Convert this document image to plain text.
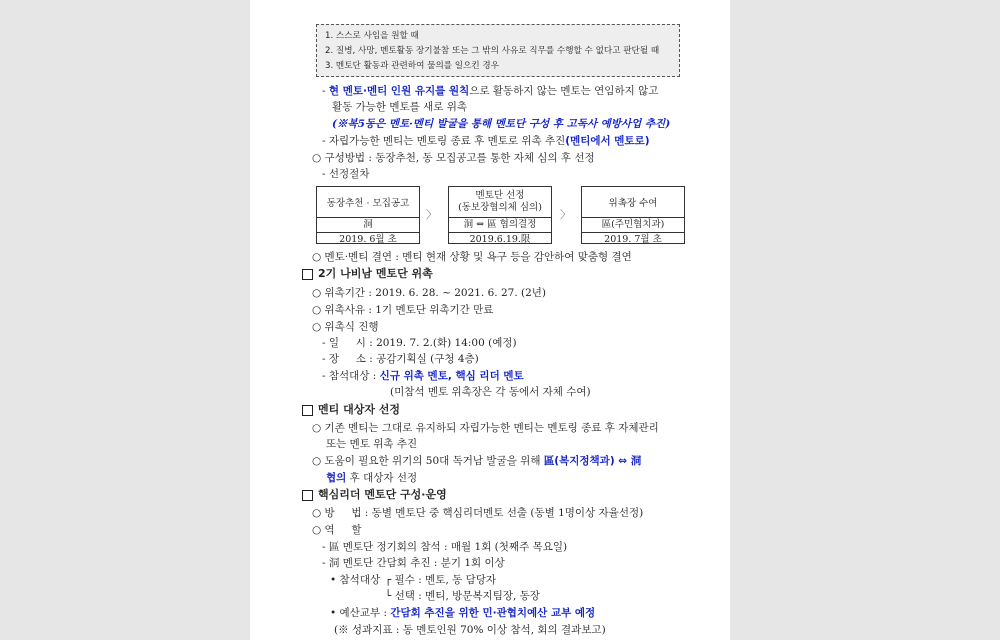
1. 스스로 사임을 원할 때
2. 질병, 사망, 멘토활동 장기불참 또는 그 밖의 사유로 직무를 수행할 수 없다고 판단될 때
3. 멘토단 활동과 관련하여 물의를 일으킨 경우
- 현 멘토·멘티 인원 유지를 원칙으로 활동하지 않는 멘토는 연임하지 않고
활동 가능한 멘토를 새로 위촉
(※복5동은 멘토·멘티 발굴을 통해 멘토단 구성 후 고독사 예방사업 추진)
- 자립가능한 멘티는 멘토링 종료 후 멘토로 위촉 추진(멘티에서 멘토로)
○ 구성방법 : 동장추천, 동 모집공고를 통한 자체 심의 후 선정
- 선정절차
동장추천 · 모집공고
洞
2019. 6월 초
〉
멘토단 선정
(동보장협의체 심의)
洞 ⇔ 區 협의결정
2019.6.19.限
〉
위촉장 수여
區(주민협치과)
2019. 7월 초
○ 멘토·멘티 결연 : 멘티 현재 상황 및 욕구 등을 감안하여 맞춤형 결연
2기 나비남 멘토단 위촉
○ 위촉기간 : 2019. 6. 28. ~ 2021. 6. 27. (2년)
○ 위촉사유 : 1기 멘토단 위촉기간 만료
○ 위촉식 진행
- 일     시 : 2019. 7. 2.(화) 14:00 (예정)
- 장     소 : 공감기획실 (구청 4층)
- 참석대상 : 신규 위촉 멘토, 핵심 리더 멘토
(미참석 멘토 위촉장은 각 동에서 자체 수여)
멘티 대상자 선정
○ 기존 멘티는 그대로 유지하되 자립가능한 멘티는 멘토링 종료 후 자체관리
또는 멘토 위촉 추진
○ 도움이 필요한 위기의 50대 독거남 발굴을 위해 區(복지정책과) ⇔ 洞
협의 후 대상자 선정
핵심리더 멘토단 구성·운영
○ 방     법 : 동별 멘토단 중 핵심리더멘토 선출 (동별 1명이상 자율선정)
○ 역     할
- 區 멘토단 정기회의 참석 : 매월 1회 (첫째주 목요일)
- 洞 멘토단 간담회 추진 : 분기 1회 이상
• 참석대상 ┌ 필수 : 멘토, 동 담당자
└ 선택 : 멘티, 방문복지팀장, 동장
• 예산교부 : 간담회 추진을 위한 민·관협치예산 교부 예정
(※ 성과지표 : 동 멘토인원 70% 이상 참석, 회의 결과보고)
